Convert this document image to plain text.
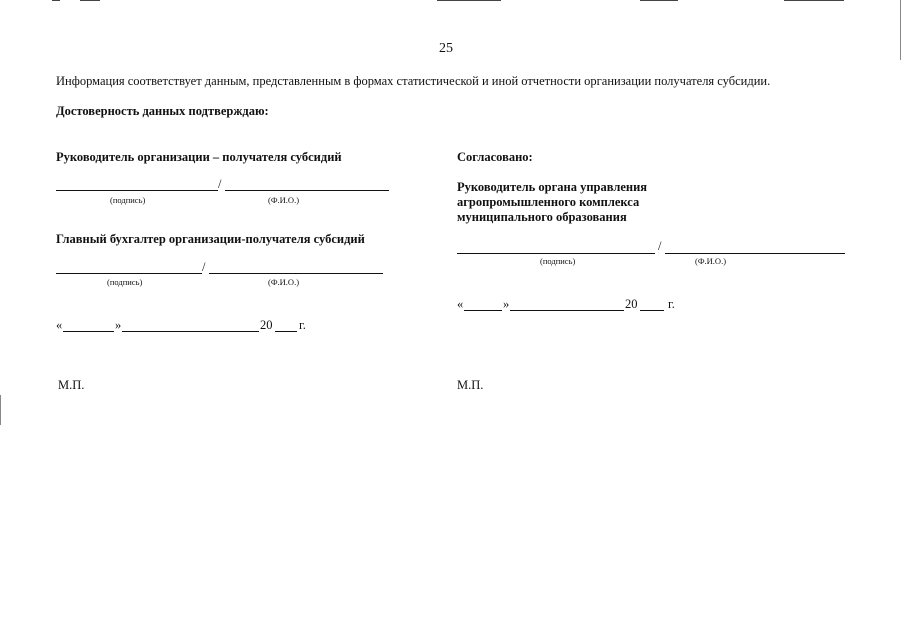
25
Информация соответствует данным, представленным в формах статистической и иной отчетности организации получателя субсидии.
Достоверность данных подтверждаю:
Руководитель организации – получателя субсидий
/
(подпись)	(Ф.И.О.)
Главный бухгалтер организации-получателя субсидий
/
(подпись)	(Ф.И.О.)
«	»	20 г.
М.П.
Согласовано:
Руководитель органа управления
агропромышленного комплекса
муниципального образования
/
(подпись)	(Ф.И.О.)
«	»	20 г.
М.П.
